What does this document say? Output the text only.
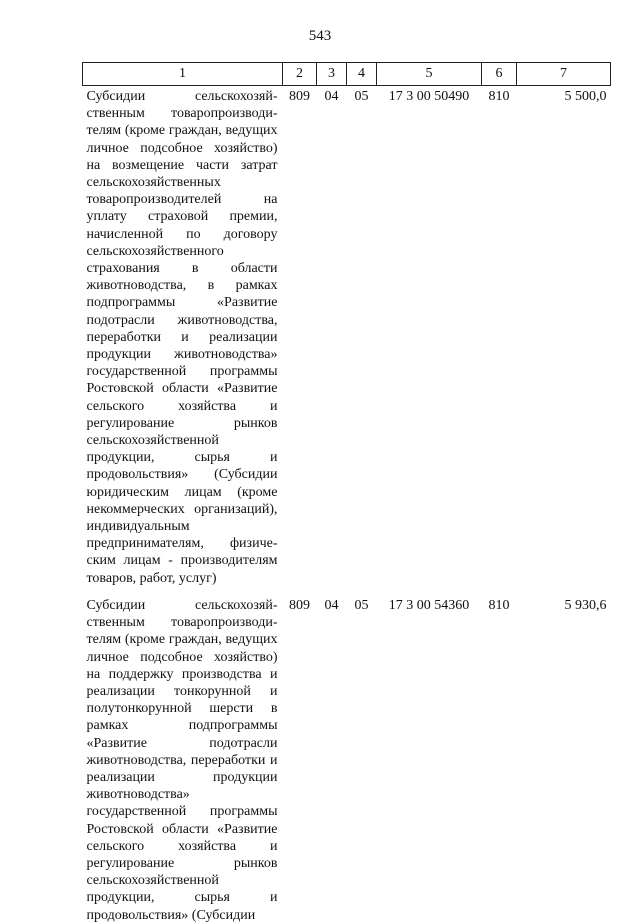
543
1	2	3	4	5	6	7
Субсидии сельскохозяйственным товаропроизводителям (кроме граждан, ведущих личное подсобное хозяйство) на возмещение части затрат сельскохозяйственных товаропроизводителей на уплату страховой премии, начисленной по договору сельскохозяйственного страхования в области животноводства, в рамках подпрограммы «Развитие подотрасли животноводства, переработки и реализации продукции животноводства» государственной программы Ростовской области «Развитие сельского хозяйства и регулирование рынков сельскохозяйственной продукции, сырья и продовольствия» (Субсидии юридическим лицам (кроме некоммерческих организаций), индивидуальным предпринимателям, физическим лицам - производителям товаров, работ, услуг)	809	04	05	17 3 00 50490	810	5 500,0
Субсидии сельскохозяйственным товаропроизводителям (кроме граждан, ведущих личное подсобное хозяйство) на поддержку производства и реализации тонкорунной и полутонкорунной шерсти в рамках подпрограммы «Развитие подотрасли животноводства, переработки и реализации продукции животноводства» государственной программы Ростовской области «Развитие сельского хозяйства и регулирование рынков сельскохозяйственной продукции, сырья и продовольствия» (Субсидии	809	04	05	17 3 00 54360	810	5 930,6
